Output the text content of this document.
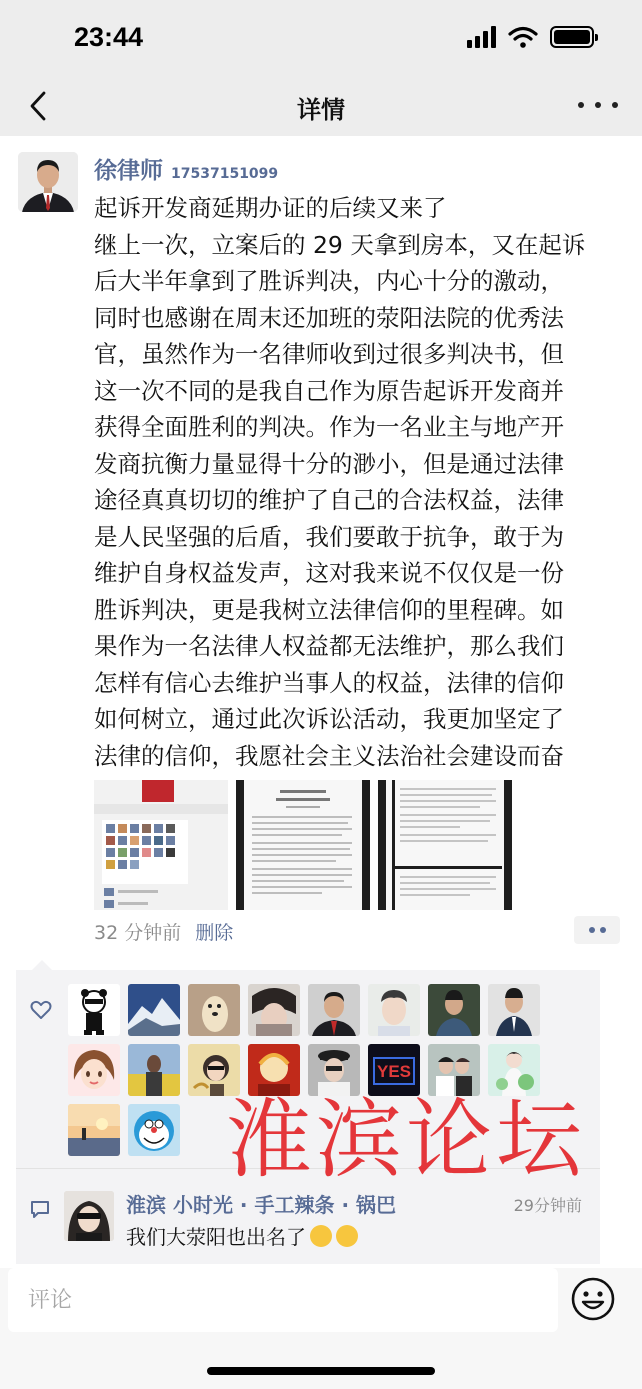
23:44
详情
徐律师 17537151099

起诉开发商延期办证的后续又来了

继上一次，立案后的 29 天拿到房本，又在起诉

后大半年拿到了胜诉判决，内心十分的激动，

同时也感谢在周末还加班的荥阳法院的优秀法

官，虽然作为一名律师收到过很多判决书，但

这一次不同的是我自己作为原告起诉开发商并

获得全面胜利的判决。作为一名业主与地产开

发商抗衡力量显得十分的渺小，但是通过法律

途径真真切切的维护了自己的合法权益，法律

是人民坚强的后盾，我们要敢于抗争，敢于为

维护自身权益发声，这对我来说不仅仅是一份

胜诉判决，更是我树立法律信仰的里程碑。如

果作为一名法律人权益都无法维护，那么我们

怎样有信心去维护当事人的权益，法律的信仰

如何树立，通过此次诉讼活动，我更加坚定了

法律的信仰，我愿社会主义法治社会建设而奋

32 分钟前 删除
YES
淮滨 小时光 · 手工辣条 · 锅巴	29分钟前
我们大荥阳也出名了
淮滨论坛
评论
